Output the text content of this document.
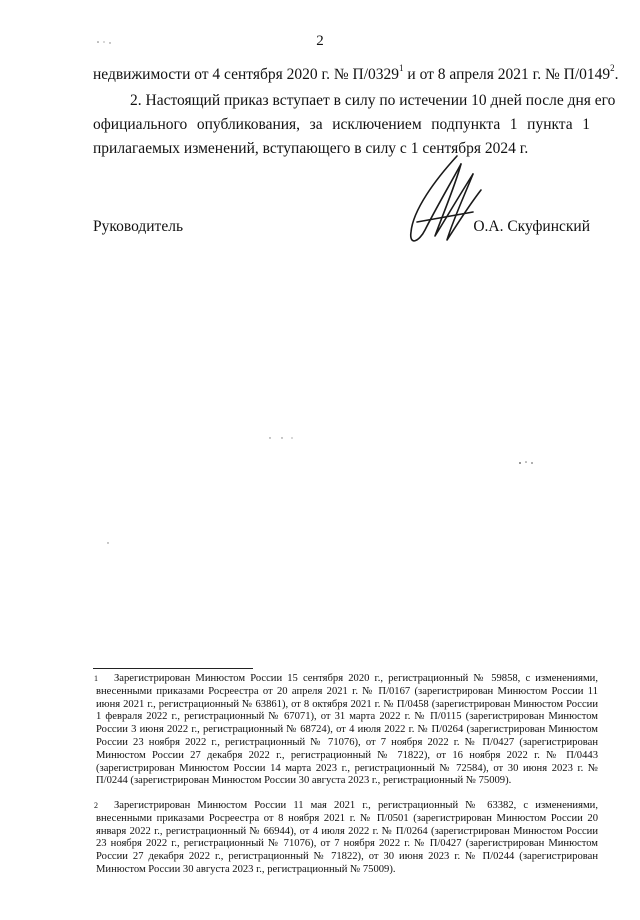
2
недвижимости от 4 сентября 2020 г. № П/0329$^1$ и от 8 апреля 2021 г. № П/0149$^2$.
2. Настоящий приказ вступает в силу по истечении 10 дней после дня его
официального опубликования, за исключением подпункта 1 пункта 1
прилагаемых изменений, вступающего в силу с 1 сентября 2024 г.
Руководитель	О.А. Скуфинский
1 Зарегистрирован Минюстом России 15 сентября 2020 г., регистрационный № 59858, с изменениями, внесенными приказами Росреестра от 20 апреля 2021 г. № П/0167 (зарегистрирован Минюстом России 11 июня 2021 г., регистрационный № 63861), от 8 октября 2021 г. № П/0458 (зарегистрирован Минюстом России 1 февраля 2022 г., регистрационный № 67071), от 31 марта 2022 г. № П/0115 (зарегистрирован Минюстом России 3 июня 2022 г., регистрационный № 68724), от 4 июля 2022 г. № П/0264 (зарегистрирован Минюстом России 23 ноября 2022 г., регистрационный № 71076), от 7 ноября 2022 г. № П/0427 (зарегистрирован Минюстом России 27 декабря 2022 г., регистрационный № 71822), от 16 ноября 2022 г. № П/0443 (зарегистрирован Минюстом России 14 марта 2023 г., регистрационный № 72584), от 30 июня 2023 г. № П/0244 (зарегистрирован Минюстом России 30 августа 2023 г., регистрационный № 75009).
2 Зарегистрирован Минюстом России 11 мая 2021 г., регистрационный № 63382, с изменениями, внесенными приказами Росреестра от 8 ноября 2021 г. № П/0501 (зарегистрирован Минюстом России 20 января 2022 г., регистрационный № 66944), от 4 июля 2022 г. № П/0264 (зарегистрирован Минюстом России 23 ноября 2022 г., регистрационный № 71076), от 7 ноября 2022 г. № П/0427 (зарегистрирован Минюстом России 27 декабря 2022 г., регистрационный № 71822), от 30 июня 2023 г. № П/0244 (зарегистрирован Минюстом России 30 августа 2023 г., регистрационный № 75009).
